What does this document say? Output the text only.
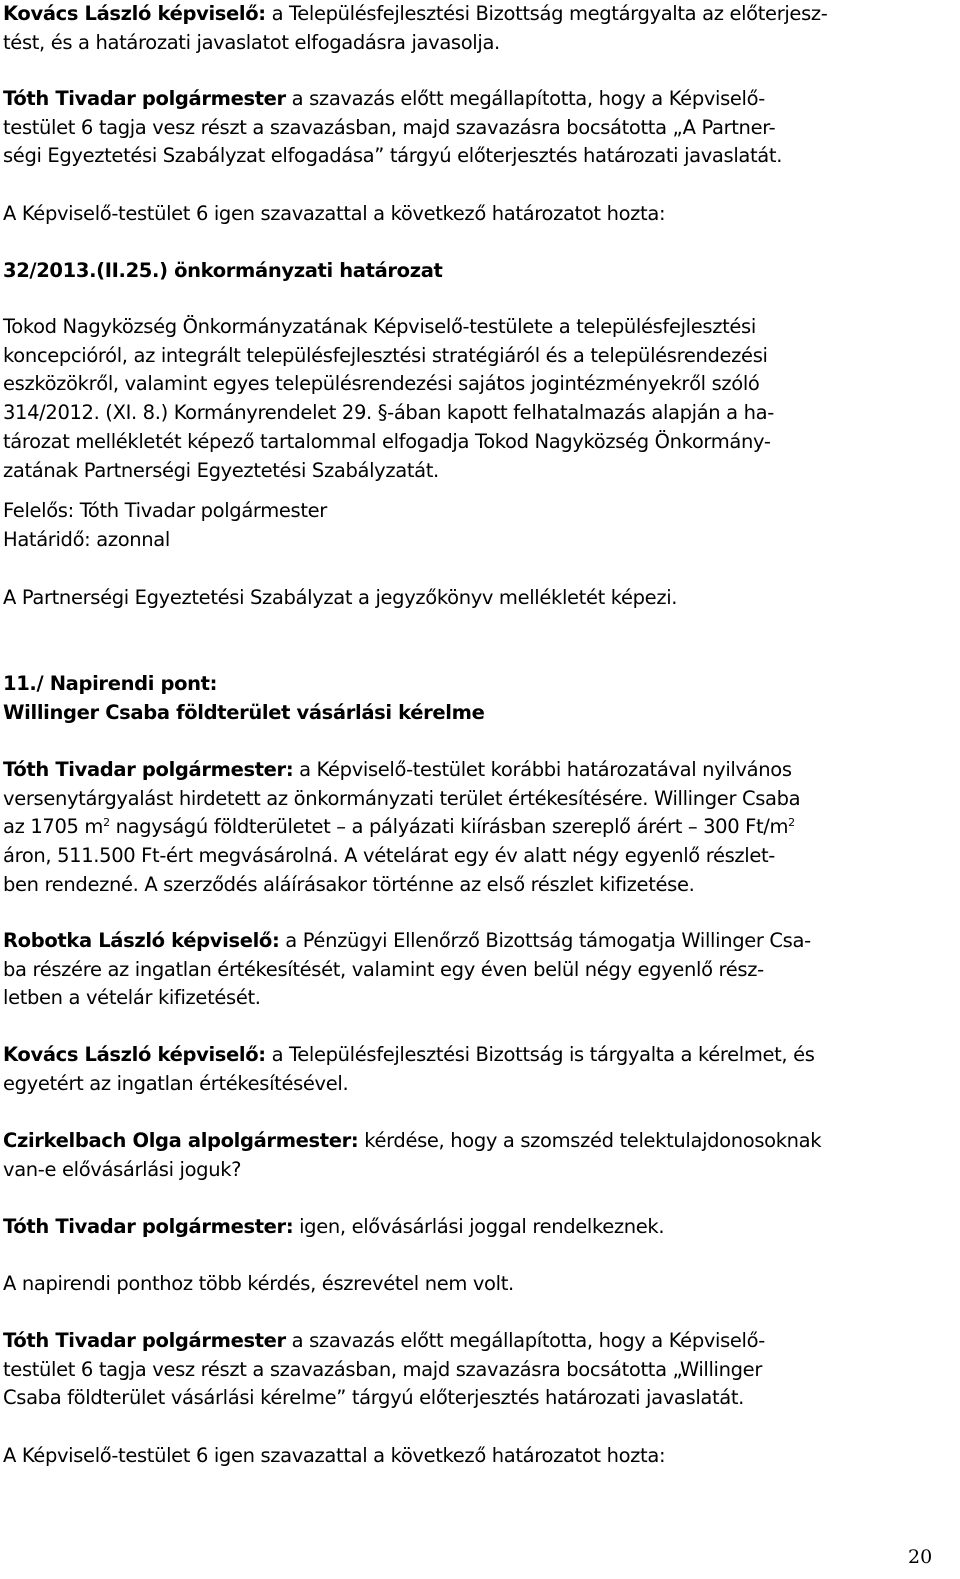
Kovács László képviselő: a Településfejlesztési Bizottság megtárgyalta az előterjesz-
tést, és a határozati javaslatot elfogadásra javasolja.

Tóth Tivadar polgármester a szavazás előtt megállapította, hogy a Képviselő-
testület 6 tagja vesz részt a szavazásban, majd szavazásra bocsátotta „A Partner-
ségi Egyeztetési Szabályzat elfogadása” tárgyú előterjesztés határozati javaslatát.

A Képviselő-testület 6 igen szavazattal a következő határozatot hozta:

32/2013.(II.25.) önkormányzati határozat

Tokod Nagyközség Önkormányzatának Képviselő-testülete a településfejlesztési
koncepcióról, az integrált településfejlesztési stratégiáról és a településrendezési
eszközökről, valamint egyes településrendezési sajátos jogintézményekről szóló
314/2012. (XI. 8.) Kormányrendelet 29. §-ában kapott felhatalmazás alapján a ha-
tározat mellékletét képező tartalommal elfogadja Tokod Nagyközség Önkormány-
zatának Partnerségi Egyeztetési Szabályzatát.

Felelős: Tóth Tivadar polgármester

Határidő: azonnal

A Partnerségi Egyeztetési Szabályzat a jegyzőkönyv mellékletét képezi.

11./ Napirendi pont:

Willinger Csaba földterület vásárlási kérelme

Tóth Tivadar polgármester: a Képviselő-testület korábbi határozatával nyilvános
versenytárgyalást hirdetett az önkormányzati terület értékesítésére. Willinger Csaba
az 1705 $m^2$ nagyságú földterületet – a pályázati kiírásban szereplő árért – 300 $Ft/m^2$
áron, 511.500 Ft-ért megvásárolná. A vételárat egy év alatt négy egyenlő részlet-
ben rendezné. A szerződés aláírásakor történne az első részlet kifizetése.

Robotka László képviselő: a Pénzügyi Ellenőrző Bizottság támogatja Willinger Csa-
ba részére az ingatlan értékesítését, valamint egy éven belül négy egyenlő rész-
letben a vételár kifizetését.

Kovács László képviselő: a Településfejlesztési Bizottság is tárgyalta a kérelmet, és
egyetért az ingatlan értékesítésével.

Czirkelbach Olga alpolgármester: kérdése, hogy a szomszéd telektulajdonosoknak
van-e elővásárlási joguk?

Tóth Tivadar polgármester: igen, elővásárlási joggal rendelkeznek.

A napirendi ponthoz több kérdés, észrevétel nem volt.

Tóth Tivadar polgármester a szavazás előtt megállapította, hogy a Képviselő-
testület 6 tagja vesz részt a szavazásban, majd szavazásra bocsátotta „Willinger
Csaba földterület vásárlási kérelme” tárgyú előterjesztés határozati javaslatát.

A Képviselő-testület 6 igen szavazattal a következő határozatot hozta:

20
